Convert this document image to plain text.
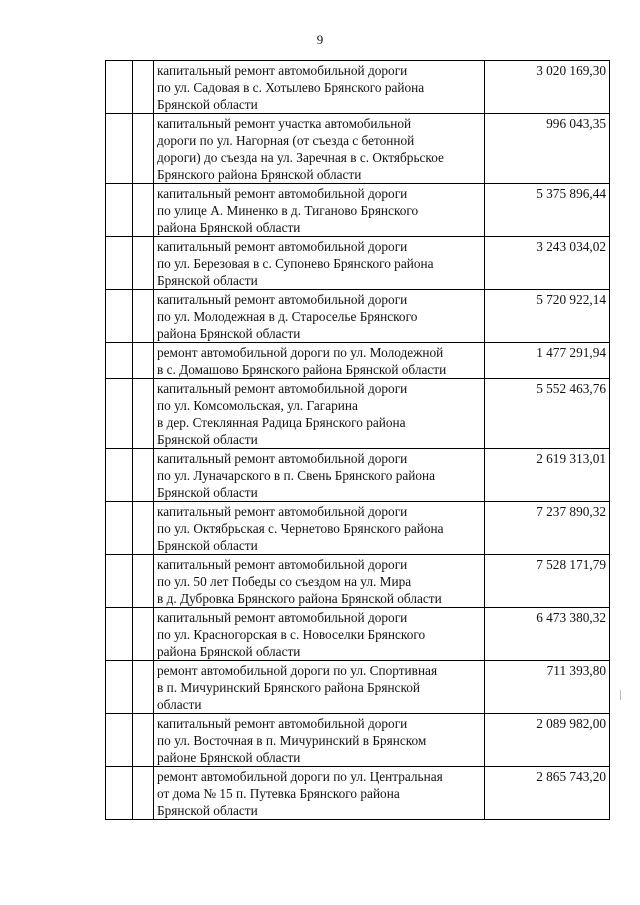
9

		капитальный ремонт автомобильной дороги
по ул. Садовая в с. Хотылево Брянского района
Брянской области	3 020 169,30

		капитальный ремонт участка автомобильной
дороги по ул. Нагорная (от съезда с бетонной
дороги) до съезда на ул. Заречная в с. Октябрьское
Брянского района Брянской области	996 043,35

		капитальный ремонт автомобильной дороги
по улице А. Миненко в д. Тиганово Брянского
района Брянской области	5 375 896,44

		капитальный ремонт автомобильной дороги
по ул. Березовая в с. Супонево Брянского района
Брянской области	3 243 034,02

		капитальный ремонт автомобильной дороги
по ул. Молодежная в д. Староселье Брянского
района Брянской области	5 720 922,14

		ремонт автомобильной дороги по ул. Молодежной
в с. Домашово Брянского района Брянской области	1 477 291,94

		капитальный ремонт автомобильной дороги
по ул. Комсомольская, ул. Гагарина
в дер. Стеклянная Радица Брянского района
Брянской области	5 552 463,76

		капитальный ремонт автомобильной дороги
по ул. Луначарского в п. Свень Брянского района
Брянской области	2 619 313,01

		капитальный ремонт автомобильной дороги
по ул. Октябрьская с. Чернетово Брянского района
Брянской области	7 237 890,32

		капитальный ремонт автомобильной дороги
по ул. 50 лет Победы со съездом на ул. Мира
в д. Дубровка Брянского района Брянской области	7 528 171,79

		капитальный ремонт автомобильной дороги
по ул. Красногорская в с. Новоселки Брянского
района Брянской области	6 473 380,32

		ремонт автомобильной дороги по ул. Спортивная
в п. Мичуринский Брянского района Брянской
области	711 393,80

		капитальный ремонт автомобильной дороги
по ул. Восточная в п. Мичуринский в Брянском
районе Брянской области	2 089 982,00

		ремонт автомобильной дороги по ул. Центральная
от дома № 15 п. Путевка Брянского района
Брянской области	2 865 743,20
